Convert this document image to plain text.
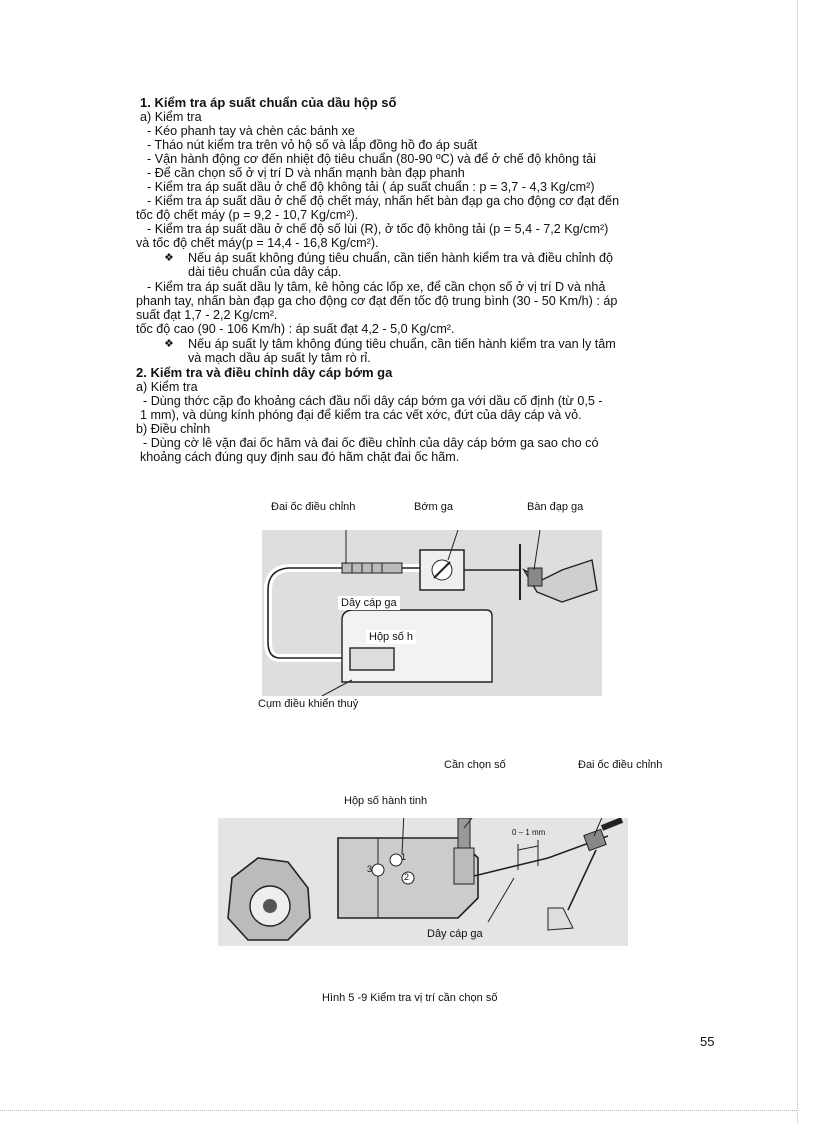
1. Kiểm tra áp suất chuẩn của dầu hộp số
a) Kiểm tra
- Kéo phanh tay và chèn các bánh xe
- Tháo nút kiểm tra trên vỏ hộ số và lắp đồng hồ đo áp suất
- Vận hành động cơ đến nhiệt độ tiêu chuẩn (80-90 ºC) và để ở chế độ không tải
- Để cần chọn số ở vị trí D và nhấn mạnh bàn đạp phanh
- Kiểm tra áp suất dầu ở chế độ không tải ( áp suất chuẩn : p = 3,7 - 4,3 Kg/cm²)
- Kiểm tra áp suất dầu ở chế độ chết máy, nhấn hết bàn đạp ga cho động cơ đạt đến
tốc độ chết máy (p = 9,2 - 10,7 Kg/cm²).
- Kiểm tra áp suất dầu ở chế độ số lùi (R), ở tốc độ không tải (p = 5,4 - 7,2 Kg/cm²)
và tốc độ chết máy(p = 14,4 - 16,8 Kg/cm²).
❖ Nếu áp suất không đúng tiêu chuẩn, cần tiến hành kiểm tra và điều chỉnh độ
dài tiêu chuẩn của dây cáp.
- Kiểm tra áp suất dầu ly tâm, kê hỏng các lốp xe, để cần chọn số ở vị trí D và nhả
phanh tay, nhấn bàn đạp ga cho động cơ đạt đến tốc độ trung bình (30 - 50 Km/h) : áp
suất đạt 1,7 - 2,2 Kg/cm².
tốc độ cao (90 - 106 Km/h) : áp suất đạt 4,2 - 5,0 Kg/cm².
❖ Nếu áp suất ly tâm không đúng tiêu chuẩn, cần tiến hành kiểm tra van ly tâm
và mạch dầu áp suất ly tâm rò rỉ.
2. Kiểm tra và điều chỉnh dây cáp bớm ga
a) Kiểm tra
- Dùng thớc cặp đo khoảng cách đầu nối dây cáp bớm ga với dầu cố định (từ 0,5 -
1 mm), và dùng kính phóng đại để kiểm tra các vết xớc, đứt của dây cáp và vỏ.
b) Điều chỉnh
- Dùng cờ lê vặn đai ốc hãm và đai ốc điều chỉnh của dây cáp bớm ga sao cho có
khoảng cách đúng quy định sau đó hãm chặt đai ốc hãm.
Đai ốc điều chỉnh	Bớm ga	Bàn đạp ga
Dây cáp ga
Hộp số h
Cụm điều khiển thuỷ
Cần chọn số	Đai ốc điều chỉnh
Hộp số hành tinh
1
2
3
0 – 1 mm
Dây cáp ga
Hình 5 -9 Kiểm tra vị trí cần chọn số
55
